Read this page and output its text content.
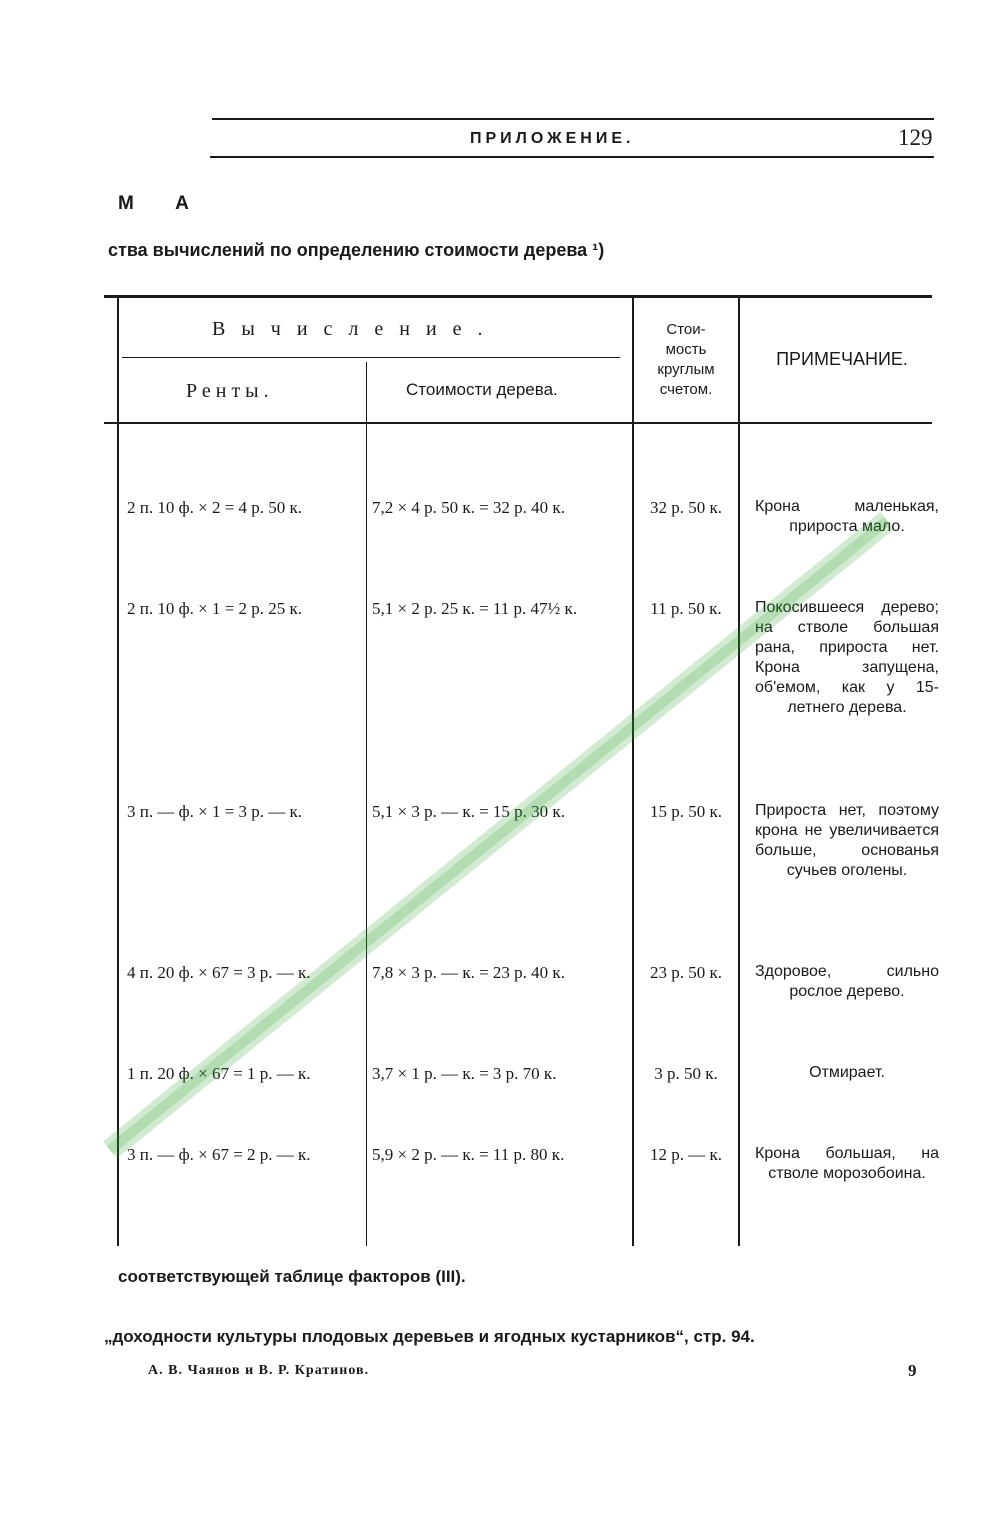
ПРИЛОЖЕНИЕ.	129
М А
ства вычислений по определению стоимости дерева ¹)
Вычисление.
Ренты.	Стоимости дерева.
Стои-
мость
круглым
счетом.
ПРИМЕЧАНИЕ.
2 п. 10 ф. × 2 = 4 р. 50 к.	7,2 × 4 р. 50 к. = 32 р. 40 к.	32 р. 50 к.	Крона маленькая, прироста мало.
2 п. 10 ф. × 1 = 2 р. 25 к.	5,1 × 2 р. 25 к. = 11 р. 47½ к.	11 р. 50 к.	Покосившееся дерево; на стволе большая рана, прироста нет. Крона запущена, об'емом, как у 15-летнего дерева.
3 п. — ф. × 1 = 3 р. — к.	5,1 × 3 р. — к. = 15 р. 30 к.	15 р. 50 к.	Прироста нет, поэтому крона не увеличивается больше, основанья сучьев оголены.
4 п. 20 ф. × 67 = 3 р. — к.	7,8 × 3 р. — к. = 23 р. 40 к.	23 р. 50 к.	Здоровое, сильно рослое дерево.
1 п. 20 ф. × 67 = 1 р. — к.	3,7 × 1 р. — к. = 3 р. 70 к.	3 р. 50 к.	Отмирает.
3 п. — ф. × 67 = 2 р. — к.	5,9 × 2 р. — к. = 11 р. 80 к.	12 р. — к.	Крона большая, на стволе морозобоина.
соответствующей таблице факторов (III).
„доходности культуры плодовых деревьев и ягодных кустарников“, стр. 94.
А. В. Чаянов и В. Р. Кратинов.	9
